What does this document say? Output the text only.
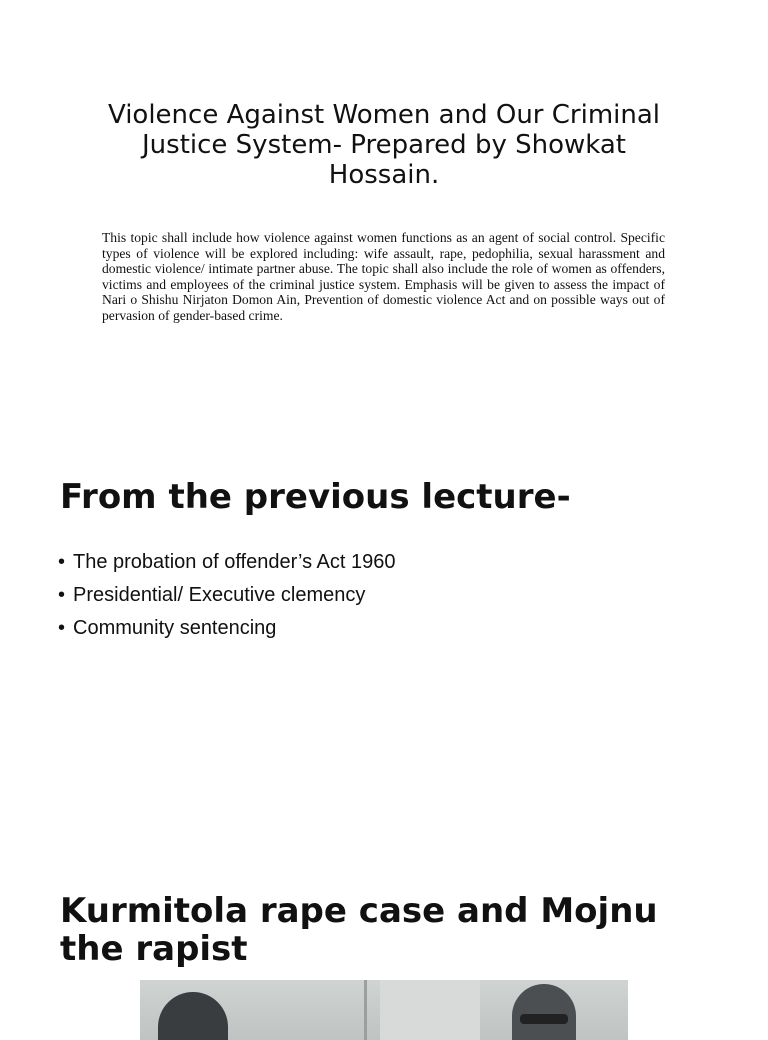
Violence Against Women and Our Criminal Justice System- Prepared by Showkat Hossain.

This topic shall include how violence against women functions as an agent of social control. Specific types of violence will be explored including: wife assault, rape, pedophilia, sexual harassment and domestic violence/ intimate partner abuse. The topic shall also include the role of women as offenders, victims and employees of the criminal justice system. Emphasis will be given to assess the impact of Nari o Shishu Nirjaton Domon Ain, Prevention of domestic violence Act and on possible ways out of pervasion of gender-based crime.

From the previous lecture-
• The probation of offender’s Act 1960
• Presidential/ Executive clemency
• Community sentencing
Kurmitola rape case and Mojnu the rapist
